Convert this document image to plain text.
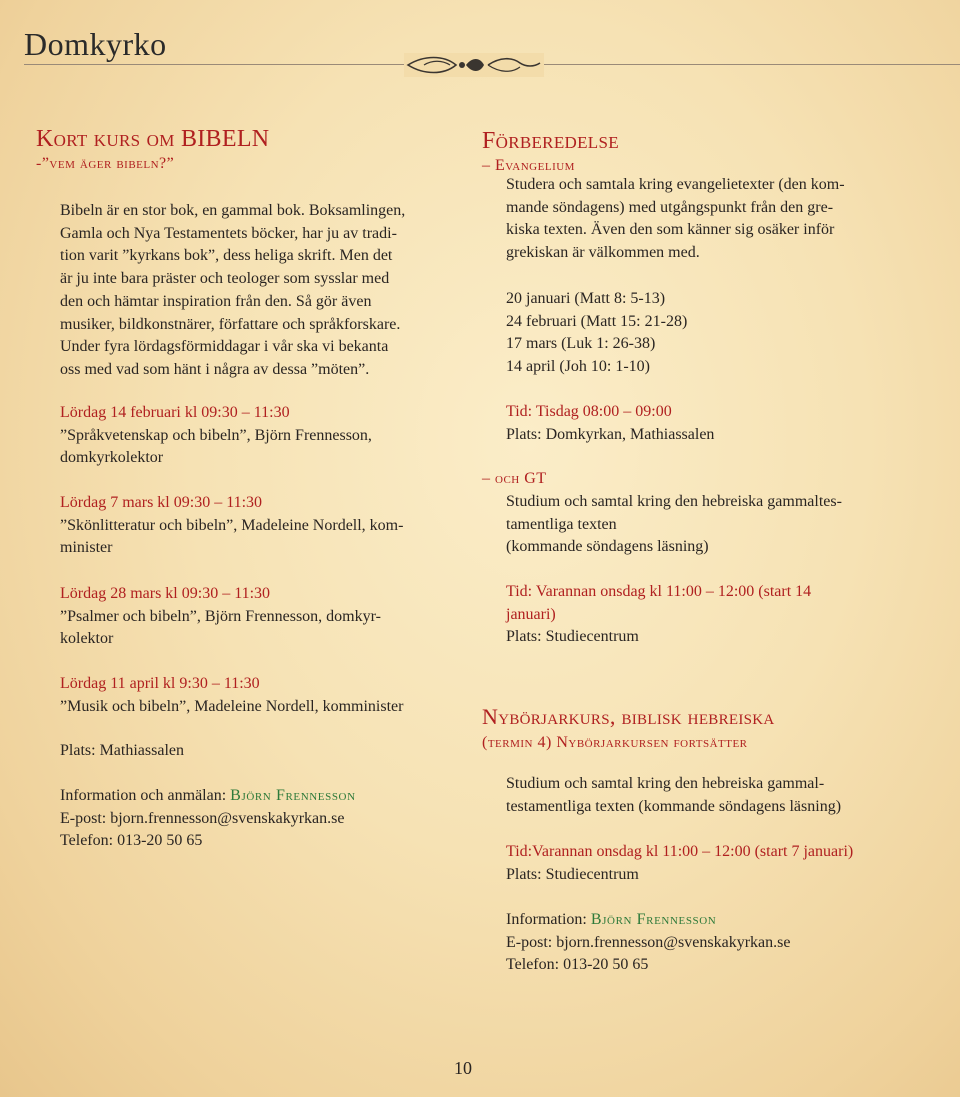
Domkyrko
Kort kurs om BIBELN
-”vem äger bibeln?”
Bibeln är en stor bok, en gammal bok. Boksamlingen,
Gamla och Nya Testamentets böcker, har ju av tradi-
tion varit ”kyrkans bok”, dess heliga skrift. Men det
är ju inte bara präster och teologer som sysslar med
den och hämtar inspiration från den. Så gör även
musiker, bildkonstnärer, författare och språkforskare.
Under fyra lördagsförmiddagar i vår ska vi bekanta
oss med vad som hänt i några av dessa ”möten”.
Lördag 14 februari kl 09:30 – 11:30
”Språkvetenskap och bibeln”, Björn Frennesson,
domkyrkolektor
Lördag 7 mars kl 09:30 – 11:30
”Skönlitteratur och bibeln”, Madeleine Nordell, kom-
minister
Lördag 28 mars kl 09:30 – 11:30
”Psalmer och bibeln”, Björn Frennesson, domkyr-
kolektor
Lördag 11 april kl 9:30 – 11:30
”Musik och bibeln”, Madeleine Nordell, komminister
Plats: Mathiassalen
Information och anmälan: Björn Frennesson
E-post: bjorn.frennesson@svenskakyrkan.se
Telefon: 013-20 50 65
Förberedelse
– Evangelium
Studera och samtala kring evangelietexter (den kom-
mande söndagens) med utgångspunkt från den gre-
kiska texten. Även den som känner sig osäker inför
grekiskan är välkommen med.
20 januari (Matt 8: 5-13)
24 februari (Matt 15: 21-28)
17 mars (Luk 1: 26-38)
14 april (Joh 10: 1-10)
Tid: Tisdag 08:00 – 09:00
Plats: Domkyrkan, Mathiassalen
– och GT
Studium och samtal kring den hebreiska gammaltes-
tamentliga texten
(kommande söndagens läsning)
Tid: Varannan onsdag kl 11:00 – 12:00 (start 14
januari)
Plats: Studiecentrum
Nybörjarkurs, biblisk hebreiska
(termin 4) Nybörjarkursen fortsätter
Studium och samtal kring den hebreiska gammal-
testamentliga texten (kommande söndagens läsning)
Tid:Varannan onsdag kl 11:00 – 12:00 (start 7 januari)
Plats: Studiecentrum
Information: Björn Frennesson
E-post: bjorn.frennesson@svenskakyrkan.se
Telefon: 013-20 50 65
10
